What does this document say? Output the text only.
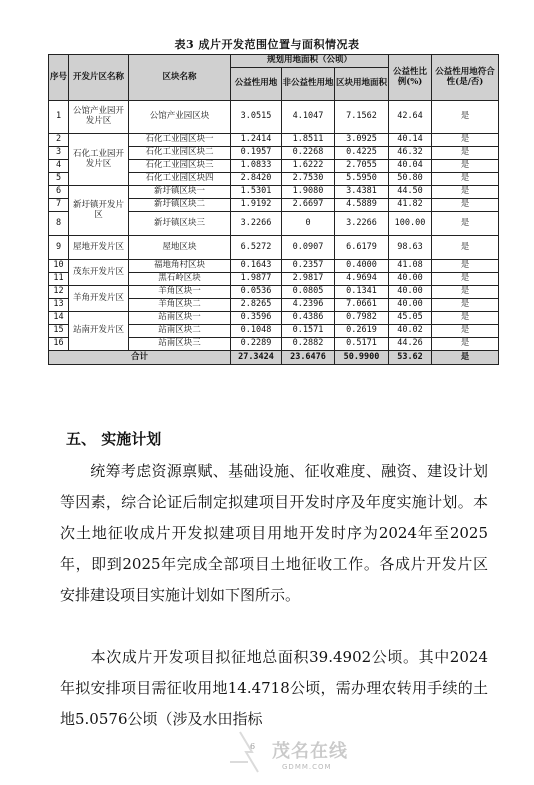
表3 成片开发范围位置与面积情况表
序号	开发片区名称	区块名称	规划用地面积（公顷）			公益性比例(%)	公益性用地符合性(是/否)
			公益性用地	非公益性用地	区块用地面积		
1	公馆产业园开发片区	公馆产业园区块	3.0515	4.1047	7.1562	42.64	是
2	石化工业园开发片区	石化工业园区块一	1.2414	1.8511	3.0925	40.14	是
3		石化工业园区块二	0.1957	0.2268	0.4225	46.32	是
4		石化工业园区块三	1.0833	1.6222	2.7055	40.04	是
5		石化工业园区块四	2.8420	2.7530	5.5950	50.80	是
6	新圩镇开发片区	新圩镇区块一	1.5301	1.9080	3.4381	44.50	是
7		新圩镇区块二	1.9192	2.6697	4.5889	41.82	是
8		新圩镇区块三	3.2266	0	3.2266	100.00	是
9	屋地开发片区	屋地区块	6.5272	0.0907	6.6179	98.63	是
10	茂东开发片区	福地角村区块	0.1643	0.2357	0.4000	41.08	是
11		黑石岭区块	1.9877	2.9817	4.9694	40.00	是
12	羊角开发片区	羊角区块一	0.0536	0.0805	0.1341	40.00	是
13		羊角区块二	2.8265	4.2396	7.0661	40.00	是
14	站南开发片区	站南区块一	0.3596	0.4386	0.7982	45.05	是
15		站南区块二	0.1048	0.1571	0.2619	40.02	是
16		站南区块三	0.2289	0.2882	0.5171	44.26	是
合计			27.3424	23.6476	50.9900	53.62	是
五、 实施计划
统筹考虑资源禀赋、基础设施、征收难度、融资、建设计划等因素，综合论证后制定拟建项目开发时序及年度实施计划。本次土地征收成片开发拟建项目用地开发时序为2024年至2025年，即到2025年完成全部项目土地征收工作。各成片开发片区安排建设项目实施计划如下图所示。
本次成片开发项目拟征地总面积39.4902公顷。其中2024年拟安排项目需征收用地14.4718公顷，需办理农转用手续的土地5.0576公顷（涉及水田指标
6 茂名在线
GDMM.COM
